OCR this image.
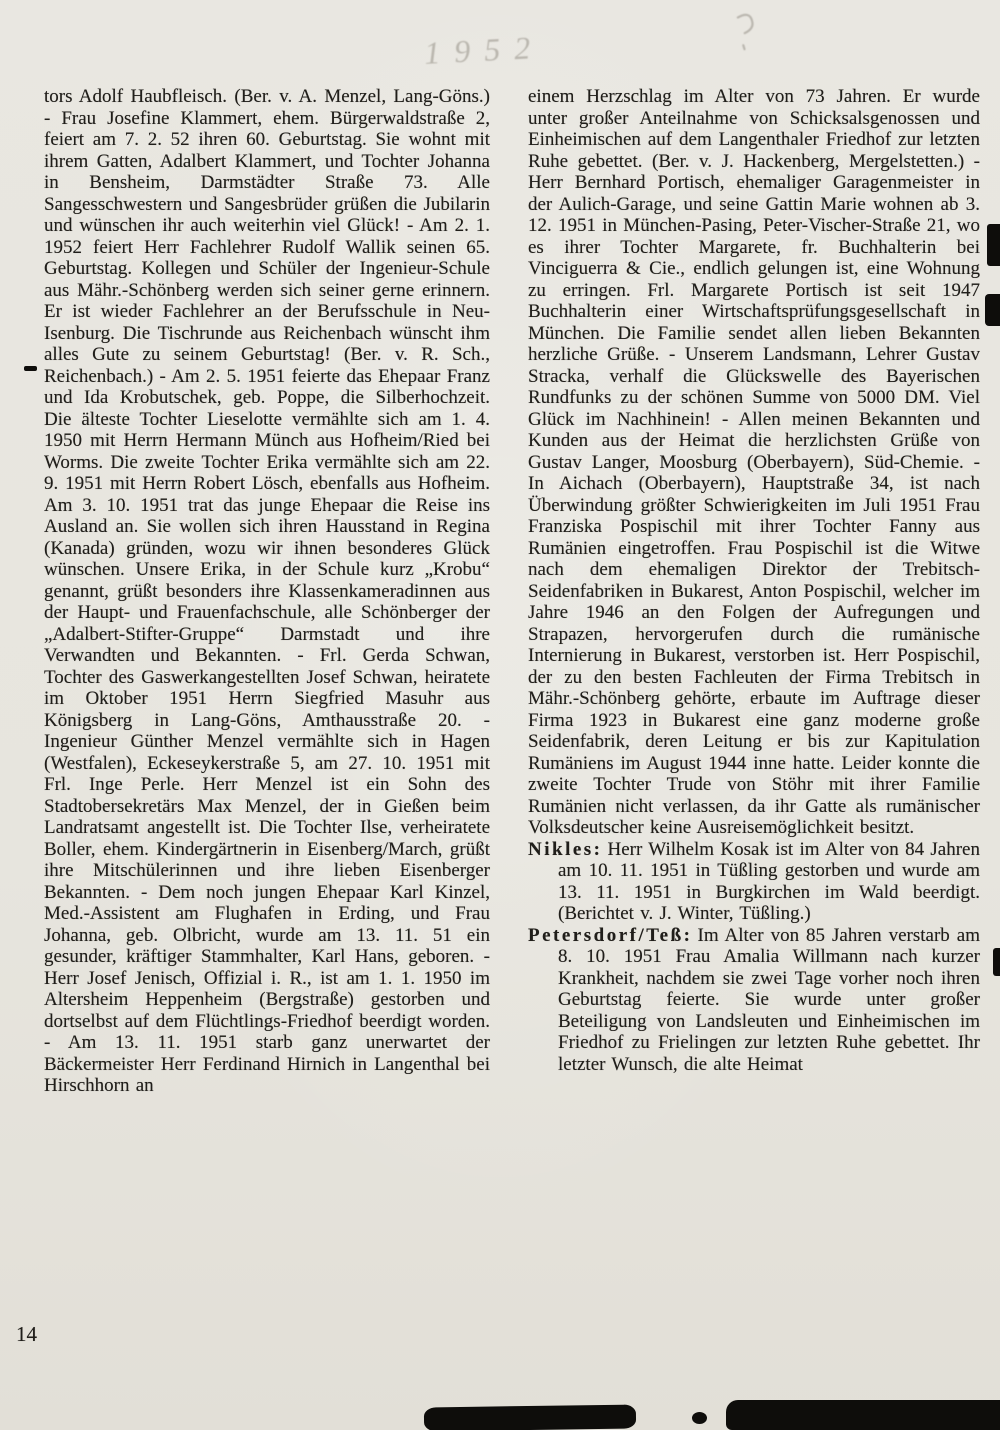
1952

tors Adolf Haubfleisch. (Ber. v. A. Menzel, Lang-Göns.) - Frau Josefine Klammert, ehem. Bürgerwaldstraße 2, feiert am 7. 2. 52 ihren 60. Geburtstag. Sie wohnt mit ihrem Gatten, Adalbert Klammert, und Tochter Johanna in Bensheim, Darmstädter Straße 73. Alle Sangesschwestern und Sangesbrüder grüßen die Jubilarin und wünschen ihr auch weiterhin viel Glück! - Am 2. 1. 1952 feiert Herr Fachlehrer Rudolf Wallik seinen 65. Geburtstag. Kollegen und Schüler der Ingenieur-Schule aus Mähr.-Schönberg werden sich seiner gerne erinnern. Er ist wieder Fachlehrer an der Berufsschule in Neu-Isenburg. Die Tischrunde aus Reichenbach wünscht ihm alles Gute zu seinem Geburtstag! (Ber. v. R. Sch., Reichenbach.) - Am 2. 5. 1951 feierte das Ehepaar Franz und Ida Krobutschek, geb. Poppe, die Silberhochzeit. Die älteste Tochter Lieselotte vermählte sich am 1. 4. 1950 mit Herrn Hermann Münch aus Hofheim/Ried bei Worms. Die zweite Tochter Erika vermählte sich am 22. 9. 1951 mit Herrn Robert Lösch, ebenfalls aus Hofheim. Am 3. 10. 1951 trat das junge Ehepaar die Reise ins Ausland an. Sie wollen sich ihren Hausstand in Regina (Kanada) gründen, wozu wir ihnen besonderes Glück wünschen. Unsere Erika, in der Schule kurz „Krobu“ genannt, grüßt besonders ihre Klassenkameradinnen aus der Haupt- und Frauenfachschule, alle Schönberger der „Adalbert-Stifter-Gruppe“ Darmstadt und ihre Verwandten und Bekannten. - Frl. Gerda Schwan, Tochter des Gaswerkangestellten Josef Schwan, heiratete im Oktober 1951 Herrn Siegfried Masuhr aus Königsberg in Lang-Göns, Amthausstraße 20. - Ingenieur Günther Menzel vermählte sich in Hagen (Westfalen), Eckeseykerstraße 5, am 27. 10. 1951 mit Frl. Inge Perle. Herr Menzel ist ein Sohn des Stadtobersekretärs Max Menzel, der in Gießen beim Landratsamt angestellt ist. Die Tochter Ilse, verheiratete Boller, ehem. Kindergärtnerin in Eisenberg/March, grüßt ihre Mitschülerinnen und ihre lieben Eisenberger Bekannten. - Dem noch jungen Ehepaar Karl Kinzel, Med.-Assistent am Flughafen in Erding, und Frau Johanna, geb. Olbricht, wurde am 13. 11. 51 ein gesunder, kräftiger Stammhalter, Karl Hans, geboren. - Herr Josef Jenisch, Offizial i. R., ist am 1. 1. 1950 im Altersheim Heppenheim (Bergstraße) gestorben und dortselbst auf dem Flüchtlings-Friedhof beerdigt worden. - Am 13. 11. 1951 starb ganz unerwartet der Bäckermeister Herr Ferdinand Hirnich in Langenthal bei Hirschhorn an

einem Herzschlag im Alter von 73 Jahren. Er wurde unter großer Anteilnahme von Schicksalsgenossen und Einheimischen auf dem Langenthaler Friedhof zur letzten Ruhe gebettet. (Ber. v. J. Hackenberg, Mergelstetten.) - Herr Bernhard Portisch, ehemaliger Garagenmeister in der Aulich-Garage, und seine Gattin Marie wohnen ab 3. 12. 1951 in München-Pasing, Peter-Vischer-Straße 21, wo es ihrer Tochter Margarete, fr. Buchhalterin bei Vinciguerra & Cie., endlich gelungen ist, eine Wohnung zu erringen. Frl. Margarete Portisch ist seit 1947 Buchhalterin einer Wirtschaftsprüfungsgesellschaft in München. Die Familie sendet allen lieben Bekannten herzliche Grüße. - Unserem Landsmann, Lehrer Gustav Stracka, verhalf die Glückswelle des Bayerischen Rundfunks zu der schönen Summe von 5000 DM. Viel Glück im Nachhinein! - Allen meinen Bekannten und Kunden aus der Heimat die herzlichsten Grüße von Gustav Langer, Moosburg (Oberbayern), Süd-Chemie. - In Aichach (Oberbayern), Hauptstraße 34, ist nach Überwindung größter Schwierigkeiten im Juli 1951 Frau Franziska Pospischil mit ihrer Tochter Fanny aus Rumänien eingetroffen. Frau Pospischil ist die Witwe nach dem ehemaligen Direktor der Trebitsch-Seidenfabriken in Bukarest, Anton Pospischil, welcher im Jahre 1946 an den Folgen der Aufregungen und Strapazen, hervorgerufen durch die rumänische Internierung in Bukarest, verstorben ist. Herr Pospischil, der zu den besten Fachleuten der Firma Trebitsch in Mähr.-Schönberg gehörte, erbaute im Auftrage dieser Firma 1923 in Bukarest eine ganz moderne große Seidenfabrik, deren Leitung er bis zur Kapitulation Rumäniens im August 1944 inne hatte. Leider konnte die zweite Tochter Trude von Stöhr mit ihrer Familie Rumänien nicht verlassen, da ihr Gatte als rumänischer Volksdeutscher keine Ausreisemöglichkeit besitzt.

Nikles: Herr Wilhelm Kosak ist im Alter von 84 Jahren am 10. 11. 1951 in Tüßling gestorben und wurde am 13. 11. 1951 in Burgkirchen im Wald beerdigt. (Berichtet v. J. Winter, Tüßling.)

Petersdorf/Teß: Im Alter von 85 Jahren verstarb am 8. 10. 1951 Frau Amalia Willmann nach kurzer Krankheit, nachdem sie zwei Tage vorher noch ihren Geburtstag feierte. Sie wurde unter großer Beteiligung von Landsleuten und Einheimischen im Friedhof zu Frielingen zur letzten Ruhe gebettet. Ihr letzter Wunsch, die alte Heimat

14
